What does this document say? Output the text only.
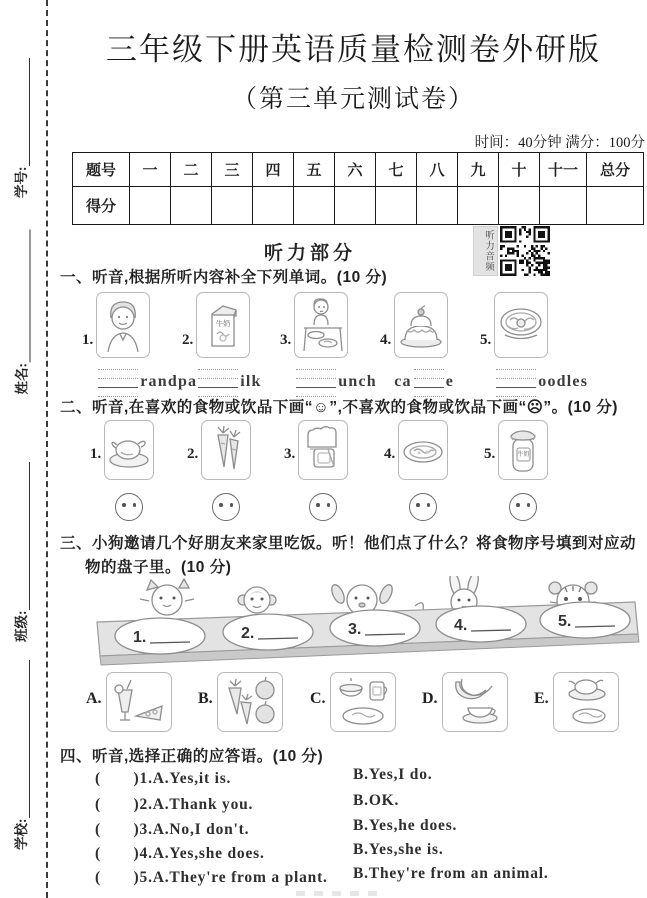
学号:
姓名:
班级:
学校:
三年级下册英语质量检测卷外研版
（第三单元测试卷）
时间：40分钟 满分：100分
题号	一	二	三	四	五	六	七	八	九	十	十一	总分
得分												
听力部分	听力音频
一、听音,根据所听内容补全下列单词。(10 分)
1.
randpa
2.
牛奶
ilk
3.
unch
4.
ca e
5.
oodles
二、听音,在喜欢的食物或饮品下画“☺”,不喜欢的食物或饮品下画“☹”。(10 分)
1.	2.	3.	4.	5.	牛奶
三、小狗邀请几个好朋友来家里吃饭。听！他们点了什么？将食物序号填到对应动
物的盘子里。(10 分)
1.	2.	3.	4.	5.
A.	B.	C.	D.	E.
四、听音,选择正确的应答语。(10 分)
(　　)1.A.Yes,it is.	B.Yes,I do.
(　　)2.A.Thank you.	B.OK.
(　　)3.A.No,I don't.	B.Yes,he does.
(　　)4.A.Yes,she does.	B.Yes,she is.
(　　)5.A.They're from a plant.	B.They're from an animal.
